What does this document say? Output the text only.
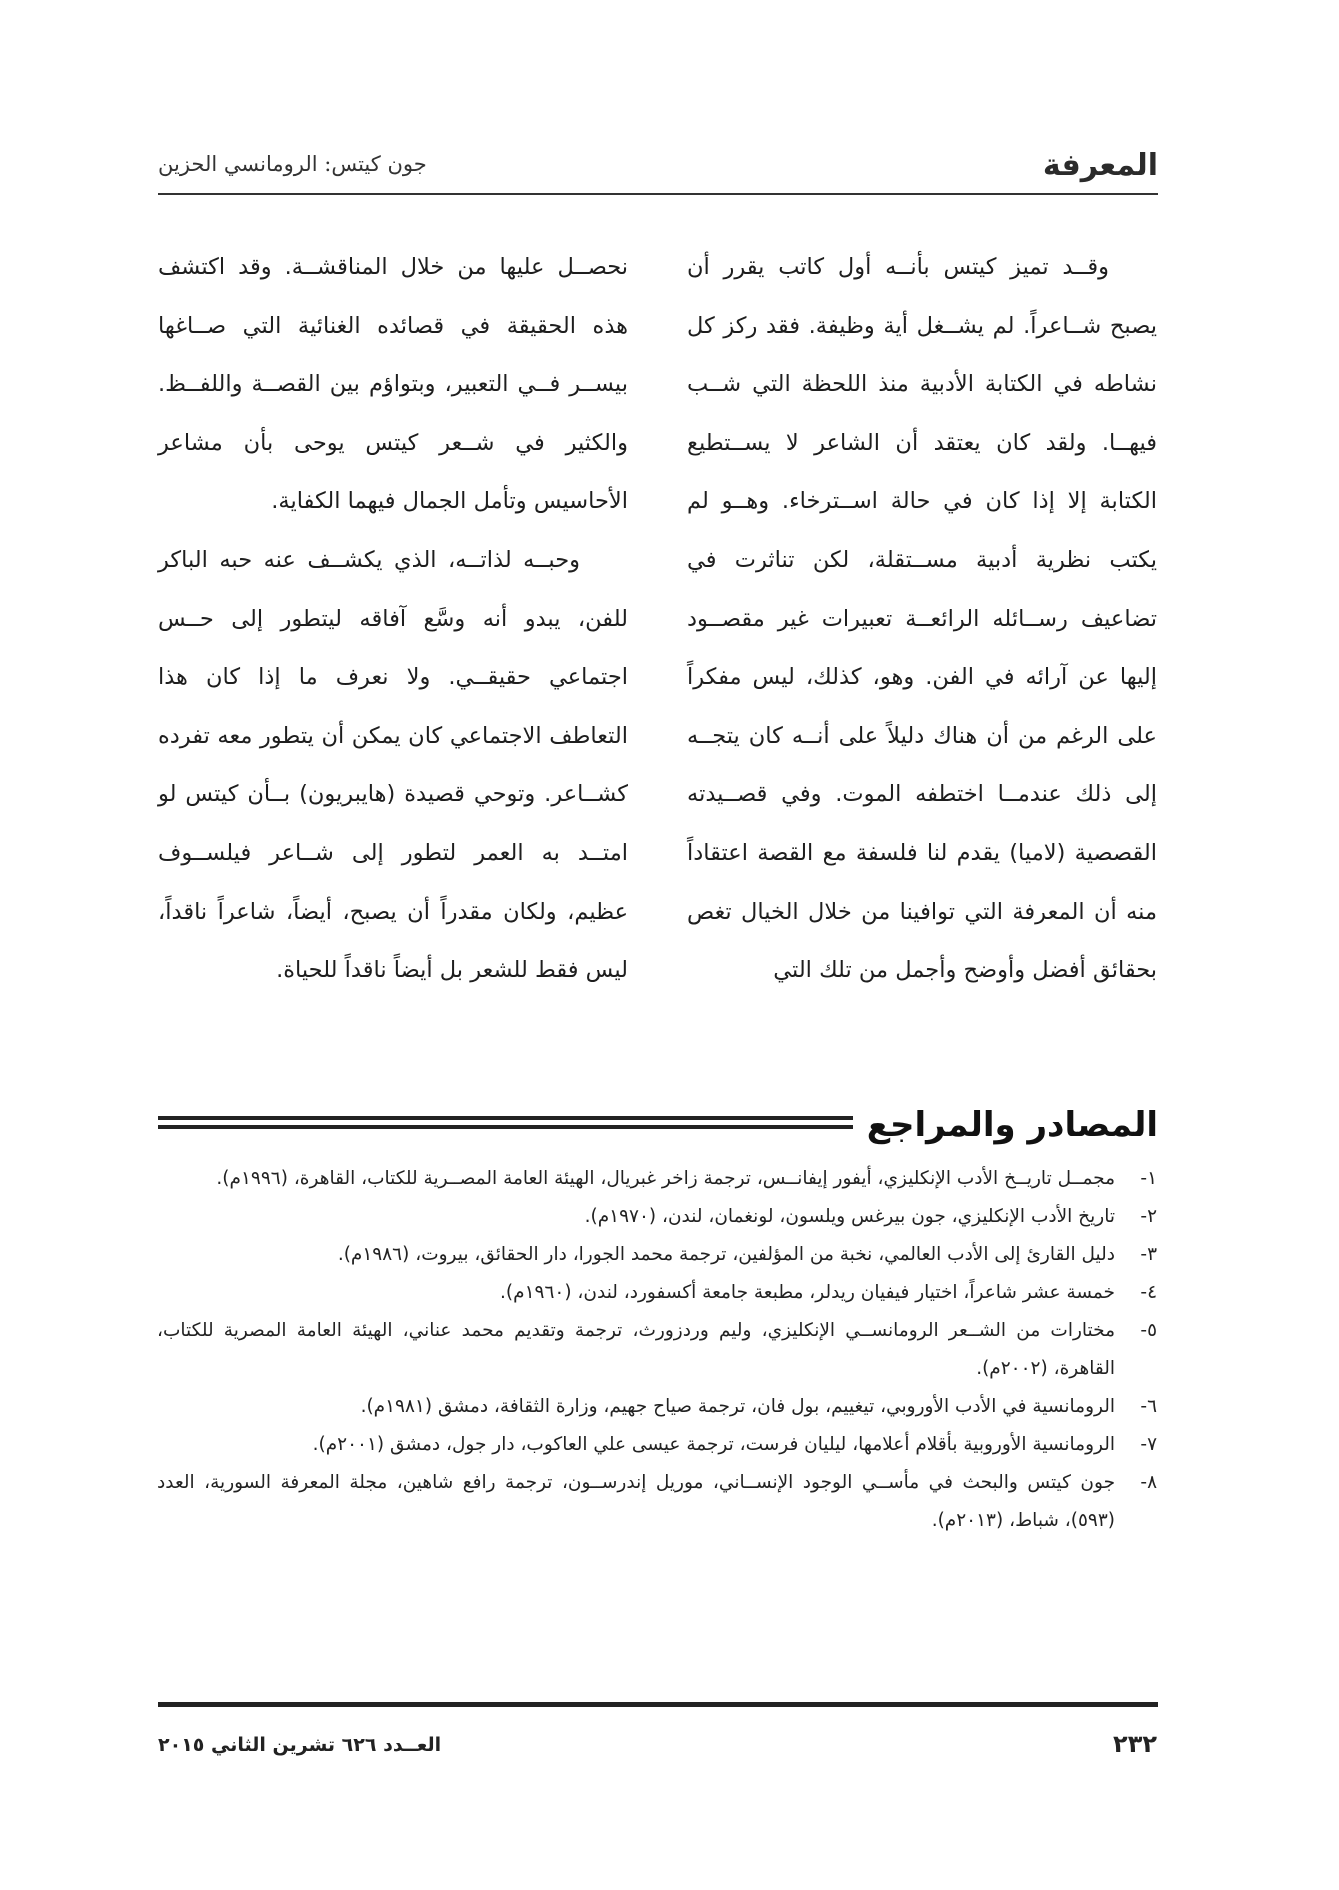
المعرفة
جون كيتس: الرومانسي الحزين

وقــد تميز كيتس بأنــه أول كاتب يقرر أن يصبح شــاعراً. لم يشــغل أية وظيفة. فقد ركز كل نشاطه في الكتابة الأدبية منذ اللحظة التي شــب فيهــا. ولقد كان يعتقد أن الشاعر لا يســتطيع الكتابة إلا إذا كان في حالة اســترخاء. وهــو لم يكتب نظرية أدبية مســتقلة، لكن تناثرت في تضاعيف رســائله الرائعــة تعبيرات غير مقصــود إليها عن آرائه في الفن. وهو، كذلك، ليس مفكراً على الرغم من أن هناك دليلاً على أنــه كان يتجــه إلى ذلك عندمــا اختطفه الموت. وفي قصــيدته القصصية (لاميا) يقدم لنا فلسفة مع القصة اعتقاداً منه أن المعرفة التي توافينا من خلال الخيال تغص بحقائق أفضل وأوضح وأجمل من تلك التي

نحصــل عليها من خلال المناقشــة. وقد اكتشف هذه الحقيقة في قصائده الغنائية التي صــاغها بيســر فــي التعبير، وبتواؤم بين القصــة واللفــظ. والكثير في شــعر كيتس يوحى بأن مشاعر الأحاسيس وتأمل الجمال فيهما الكفاية.

وحبــه لذاتــه، الذي يكشــف عنه حبه الباكر للفن، يبدو أنه وسَّع آفاقه ليتطور إلى حــس اجتماعي حقيقــي. ولا نعرف ما إذا كان هذا التعاطف الاجتماعي كان يمكن أن يتطور معه تفرده كشــاعر. وتوحي قصيدة (هايبريون) بــأن كيتس لو امتــد به العمر لتطور إلى شــاعر فيلســوف عظيم، ولكان مقدراً أن يصبح، أيضاً، شاعراً ناقداً، ليس فقط للشعر بل أيضاً ناقداً للحياة.

المصادر والمراجع
١-
مجمــل تاريــخ الأدب الإنكليزي، أيفور إيفانــس، ترجمة زاخر غبريال، الهيئة العامة المصــرية للكتاب، القاهرة، (١٩٩٦م).
٢-
تاريخ الأدب الإنكليزي، جون بيرغس ويلسون، لونغمان، لندن، (١٩٧٠م).
٣-
دليل القارئ إلى الأدب العالمي، نخبة من المؤلفين، ترجمة محمد الجورا، دار الحقائق، بيروت، (١٩٨٦م).
٤-
خمسة عشر شاعراً، اختيار فيفيان ريدلر، مطبعة جامعة أكسفورد، لندن، (١٩٦٠م).
٥-
مختارات من الشــعر الرومانســي الإنكليزي، وليم وردزورث، ترجمة وتقديم محمد عناني، الهيئة العامة المصرية للكتاب، القاهرة، (٢٠٠٢م).
٦-
الرومانسية في الأدب الأوروبي، تيغييم، بول فان، ترجمة صياح جهيم، وزارة الثقافة، دمشق (١٩٨١م).
٧-
الرومانسية الأوروبية بأقلام أعلامها، ليليان فرست، ترجمة عيسى علي العاكوب، دار جول، دمشق (٢٠٠١م).
٨-
جون كيتس والبحث في مأســي الوجود الإنســاني، موريل إندرســون، ترجمة رافع شاهين، مجلة المعرفة السورية، العدد (٥٩٣)، شباط، (٢٠١٣م).
٢٣٢
العــدد ٦٢٦ تشرين الثاني ٢٠١٥
